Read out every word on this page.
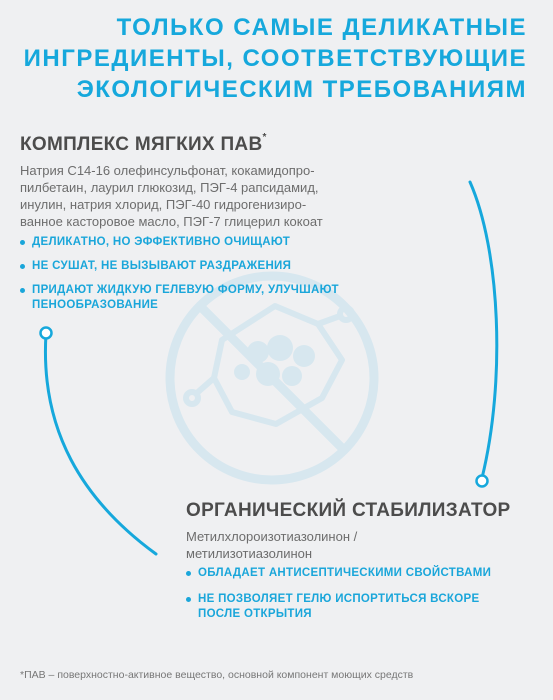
ТОЛЬКО САМЫЕ ДЕЛИКАТНЫЕ
ИНГРЕДИЕНТЫ, СООТВЕТСТВУЮЩИЕ
ЭКОЛОГИЧЕСКИМ ТРЕБОВАНИЯМ
КОМПЛЕКС МЯГКИХ ПАВ*
Натрия С14-16 олефинсульфонат, кокамидопро-
пилбетаин, лаурил глюкозид, ПЭГ-4 рапсидамид,
инулин, натрия хлорид, ПЭГ-40 гидрогенизиро-
ванное касторовое масло, ПЭГ-7 глицерил кокоат
ДЕЛИКАТНО, НО ЭФФЕКТИВНО ОЧИЩАЮТ
НЕ СУШАТ, НЕ ВЫЗЫВАЮТ РАЗДРАЖЕНИЯ
ПРИДАЮТ ЖИДКУЮ ГЕЛЕВУЮ ФОРМУ, УЛУЧШАЮТ
ПЕНООБРАЗОВАНИЕ
ОРГАНИЧЕСКИЙ СТАБИЛИЗАТОР
Метилхлороизотиазолинон /
метилизотиазолинон
ОБЛАДАЕТ АНТИСЕПТИЧЕСКИМИ СВОЙСТВАМИ
НЕ ПОЗВОЛЯЕТ ГЕЛЮ ИСПОРТИТЬСЯ ВСКОРЕ
ПОСЛЕ ОТКРЫТИЯ
*ПАВ – поверхностно-активное вещество, основной компонент моющих средств
